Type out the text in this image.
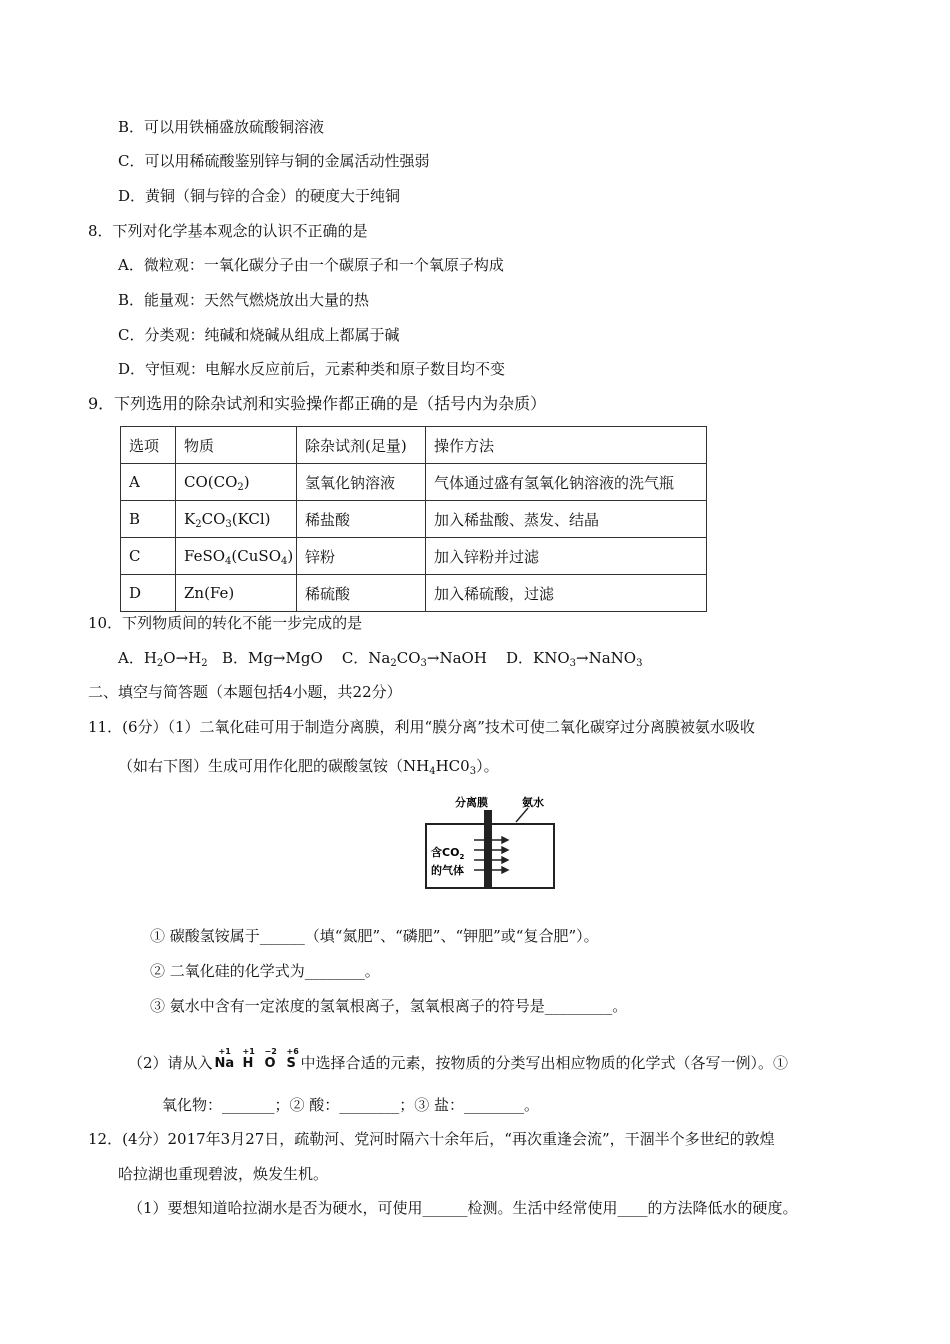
B．可以用铁桶盛放硫酸铜溶液
C．可以用稀硫酸鉴别锌与铜的金属活动性强弱
D．黄铜（铜与锌的合金）的硬度大于纯铜
8．下列对化学基本观念的认识不正确的是
A．微粒观：一氧化碳分子由一个碳原子和一个氧原子构成
B．能量观：天然气燃烧放出大量的热
C．分类观：纯碱和烧碱从组成上都属于碱
D．守恒观：电解水反应前后，元素种类和原子数目均不变
9．下列选用的除杂试剂和实验操作都正确的是（括号内为杂质）
选项	物质	除杂试剂(足量)	操作方法
A	$CO(CO_2)$	氢氧化钠溶液	气体通过盛有氢氧化钠溶液的洗气瓶
B	$K_2CO_3(KCl)$	稀盐酸	加入稀盐酸、蒸发、结晶
C	FeSO$_4$(CuSO$_4$)	锌粉	加入锌粉并过滤
D	Zn(Fe)	稀硫酸	加入稀硫酸，过滤
10．下列物质间的转化不能一步完成的是
A．$H_2O\to H_2$ B．Mg→MgO C．$Na_2CO_3\to NaOH$ D．$KNO_3\to NaNO_3$
二、填空与简答题（本题包括4小题，共22分）
11．(6分）（1）二氧化硅可用于制造分离膜，利用“膜分离”技术可使二氧化碳穿过分离膜被氨水吸收
（如右下图）生成可用作化肥的碳酸氢铵$(NH_4HC0_3)$。
分离膜	氨水
含$CO_2$
的气体
① 碳酸氢铵属于______（填“氮肥”、“磷肥”、“钾肥”或“复合肥”）。
② 二氧化硅的化学式为________。
③ 氨水中含有一定浓度的氢氧根离子，氢氧根离子的符号是_________。
（2）请从入
+1
Na
+1
H
−2
O
+6
S 中选择合适的元素，按物质的分类写出相应物质的化学式（各写一例）。①
氧化物：_______；② 酸：________；③ 盐：________。
12．(4分）2017年3月27日，疏勒河、党河时隔六十余年后，“再次重逢会流”，干涸半个多世纪的敦煌
哈拉湖也重现碧波，焕发生机。
（1）要想知道哈拉湖水是否为硬水，可使用______检测。生活中经常使用____的方法降低水的硬度。
